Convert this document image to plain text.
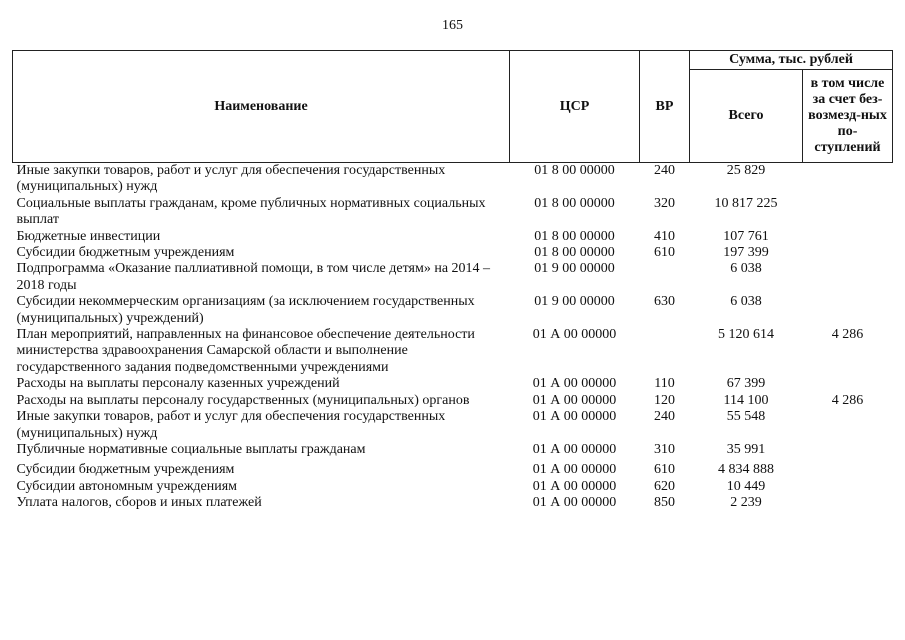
165
Наименование	ЦСР	ВР	Сумма, тыс. рублей	
			Всего	в том числе за счет без-возмезд-ных по-ступлений
Иные закупки товаров, работ и услуг для обеспечения государственных (муниципальных) нужд	01 8 00 00000	240	25 829	
Социальные выплаты гражданам, кроме публичных нормативных социальных выплат	01 8 00 00000	320	10 817 225	
Бюджетные инвестиции	01 8 00 00000	410	107 761	
Субсидии бюджетным учреждениям	01 8 00 00000	610	197 399	
Подпрограмма «Оказание паллиативной помощи, в том числе детям» на 2014 – 2018 годы	01 9 00 00000		6 038	
Субсидии некоммерческим организациям (за исключением государственных (муниципальных) учреждений)	01 9 00 00000	630	6 038	
План мероприятий, направленных на финансовое обеспечение деятельности министерства здравоохранения Самарской области и выполнение государственного задания подведомственными учреждениями	01 А 00 00000		5 120 614	4 286
Расходы на выплаты персоналу казенных учреждений	01 А 00 00000	110	67 399	
Расходы на выплаты персоналу государственных (муниципальных) органов	01 А 00 00000	120	114 100	4 286
Иные закупки товаров, работ и услуг для обеспечения государственных (муниципальных) нужд	01 А 00 00000	240	55 548	
Публичные нормативные социальные выплаты гражданам	01 А 00 00000	310	35 991	
Субсидии бюджетным учреждениям	01 А 00 00000	610	4 834 888	
Субсидии автономным учреждениям	01 А 00 00000	620	10 449	
Уплата налогов, сборов и иных платежей	01 А 00 00000	850	2 239	
